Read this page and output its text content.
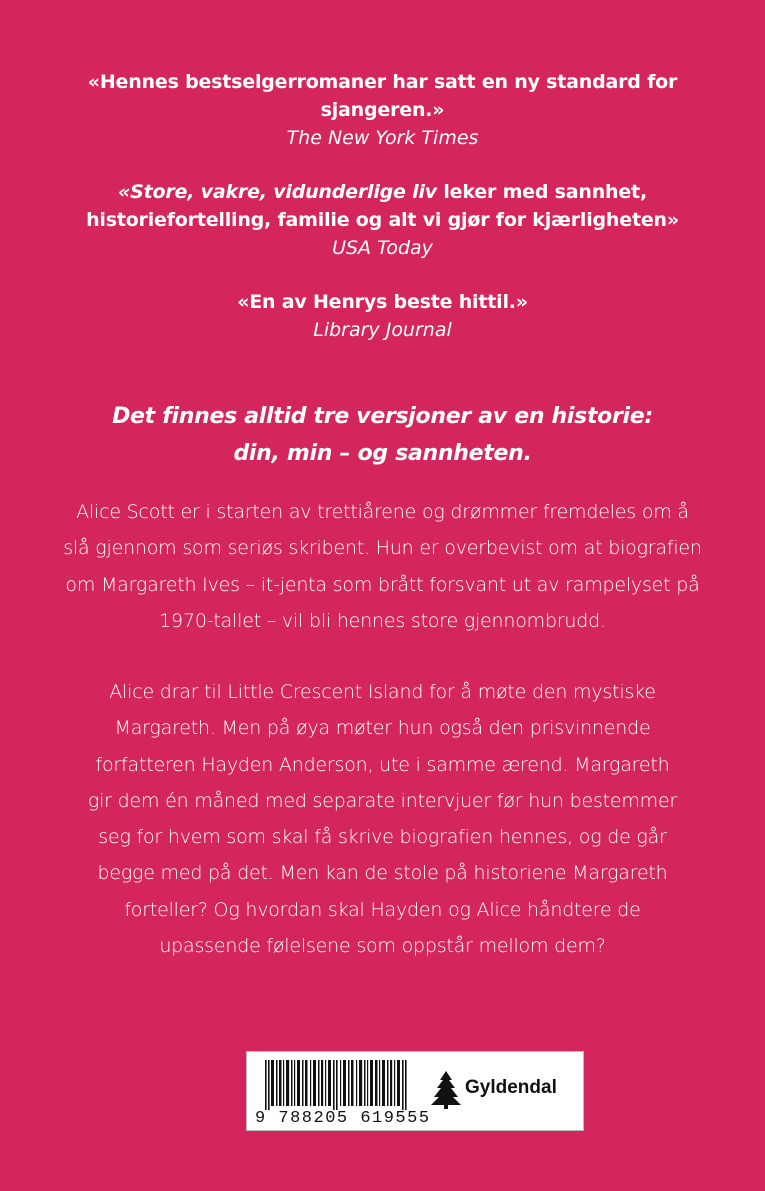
«Hennes bestselgerromaner har satt en ny standard for
sjangeren.»
The New York Times
«Store, vakre, vidunderlige liv leker med sannhet,
historiefortelling, familie og alt vi gjør for kjærligheten»
USA Today
«En av Henrys beste hittil.»
Library Journal
Det finnes alltid tre versjoner av en historie:
din, min – og sannheten.
Alice Scott er i starten av trettiårene og drømmer fremdeles om å
slå gjennom som seriøs skribent. Hun er overbevist om at biografien
om Margareth Ives – it-jenta som brått forsvant ut av rampelyset på
1970-tallet – vil bli hennes store gjennombrudd.
Alice drar til Little Crescent Island for å møte den mystiske
Margareth. Men på øya møter hun også den prisvinnende
forfatteren Hayden Anderson, ute i samme ærend. Margareth
gir dem én måned med separate intervjuer før hun bestemmer
seg for hvem som skal få skrive biografien hennes, og de går
begge med på det. Men kan de stole på historiene Margareth
forteller? Og hvordan skal Hayden og Alice håndtere de
upassende følelsene som oppstår mellom dem?
9 788205 619555
Gyldendal
